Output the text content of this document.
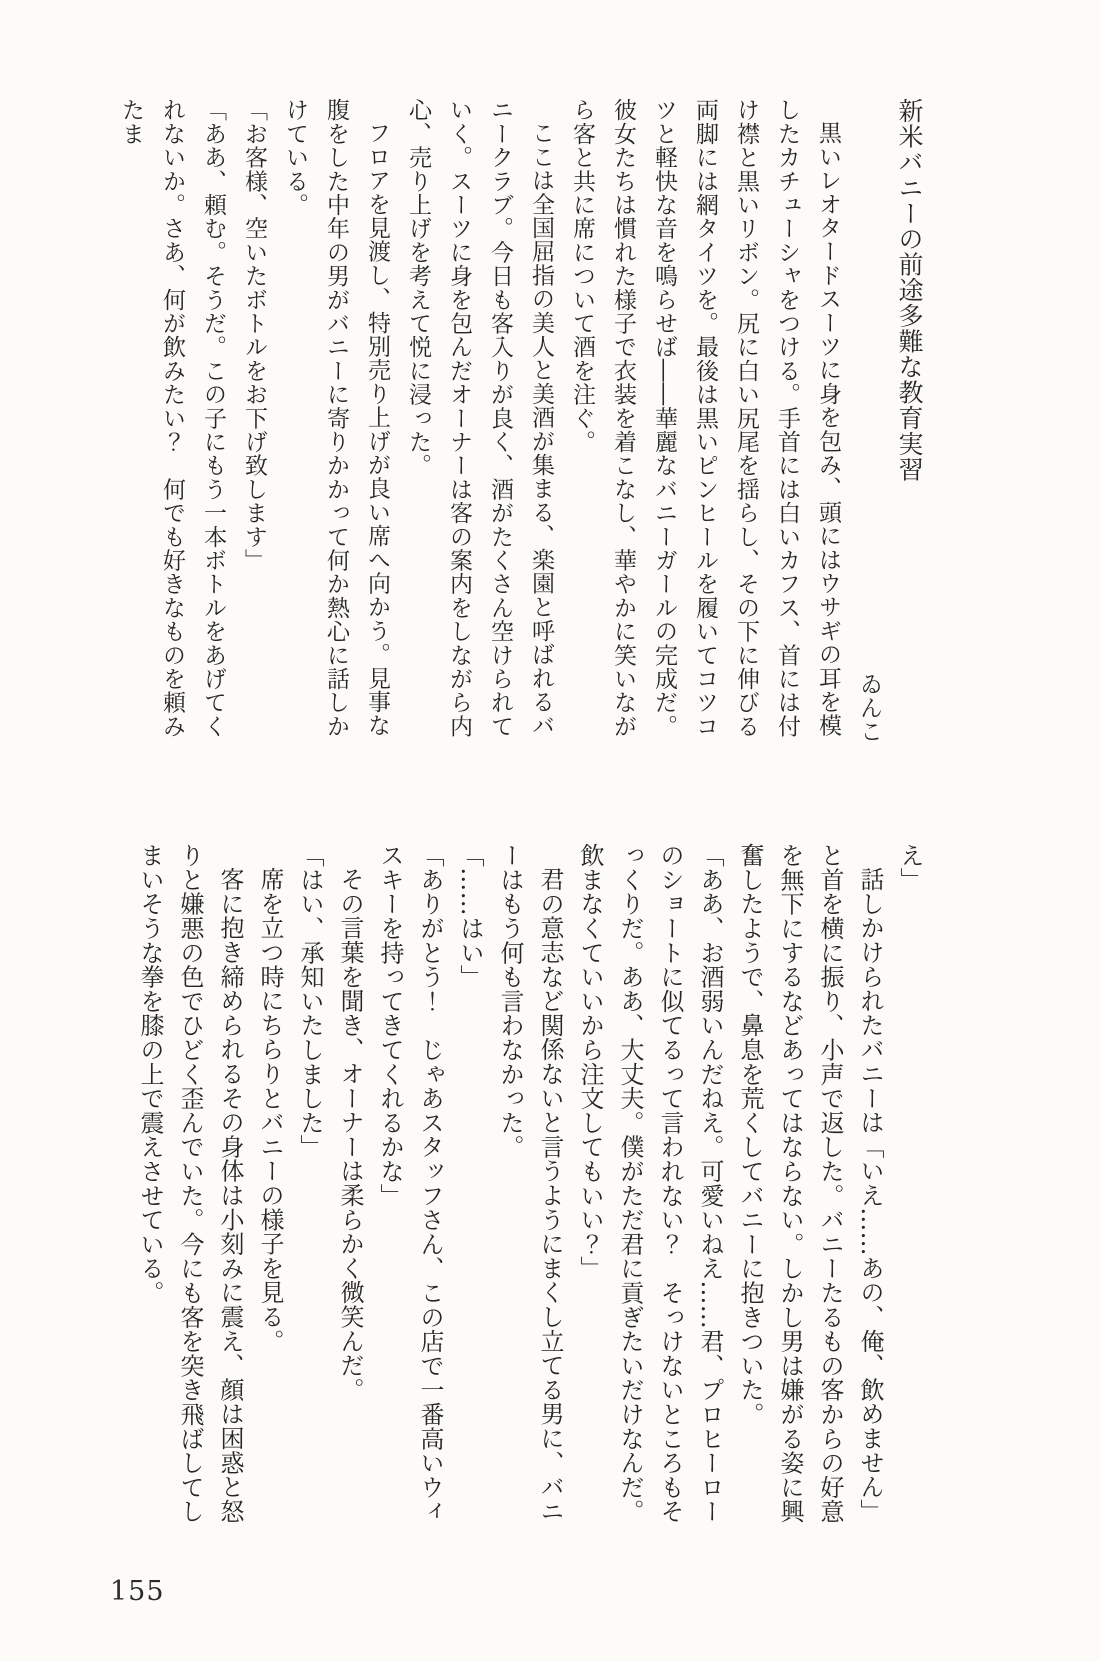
新米バニーの前途多難な教育実習

ゐんこ

黒いレオタードスーツに身を包み、頭にはウサギの耳を模したカチューシャをつける。手首には白いカフス、首には付け襟と黒いリボン。尻に白い尻尾を揺らし、その下に伸びる両脚には網タイツを。最後は黒いピンヒールを履いてコツコツと軽快な音を鳴らせば――華麗なバニーガールの完成だ。彼女たちは慣れた様子で衣装を着こなし、華やかに笑いながら客と共に席について酒を注ぐ。

ここは全国屈指の美人と美酒が集まる、楽園と呼ばれるバニークラブ。今日も客入りが良く、酒がたくさん空けられていく。スーツに身を包んだオーナーは客の案内をしながら内心、売り上げを考えて悦に浸った。

フロアを見渡し、特別売り上げが良い席へ向かう。見事な腹をした中年の男がバニーに寄りかかって何か熱心に話しかけている。

「お客様、空いたボトルをお下げ致します」

「ああ、頼む。そうだ。この子にもう一本ボトルをあげてくれないか。さあ、何が飲みたい？　何でも好きなものを頼みたま

え」

話しかけられたバニーは「いえ……あの、俺、飲めません」と首を横に振り、小声で返した。バニーたるもの客からの好意を無下にするなどあってはならない。しかし男は嫌がる姿に興奮したようで、鼻息を荒くしてバニーに抱きついた。

「ああ、お酒弱いんだねえ。可愛いねえ……君、プロヒーローのショートに似てるって言われない？　そっけないところもそっくりだ。ああ、大丈夫。僕がただ君に貢ぎたいだけなんだ。飲まなくていいから注文してもいい？」

君の意志など関係ないと言うようにまくし立てる男に、バニーはもう何も言わなかった。

「……はい」

「ありがとう！　じゃあスタッフさん、この店で一番高いウィスキーを持ってきてくれるかな」

その言葉を聞き、オーナーは柔らかく微笑んだ。

「はい、承知いたしました」

席を立つ時にちらりとバニーの様子を見る。

客に抱き締められるその身体は小刻みに震え、顔は困惑と怒りと嫌悪の色でひどく歪んでいた。今にも客を突き飛ばしてしまいそうな拳を膝の上で震えさせている。

155
